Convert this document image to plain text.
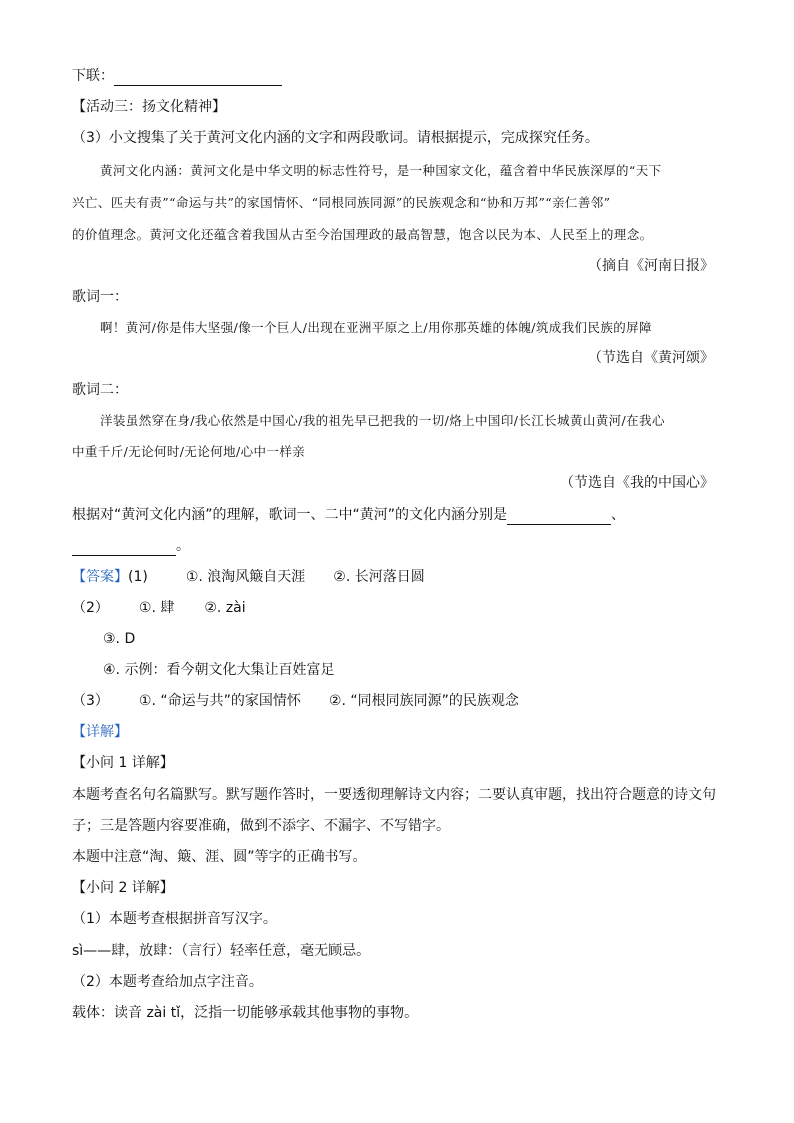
下联：
【活动三：扬文化精神】
（3）小文搜集了关于黄河文化内涵的文字和两段歌词。请根据提示，完成探究任务。
黄河文化内涵：黄河文化是中华文明的标志性符号，是一种国家文化，蕴含着中华民族深厚的“天下
兴亡、匹夫有责”“命运与共”的家国情怀、“同根同族同源”的民族观念和“协和万邦”“亲仁善邻”
的价值理念。黄河文化还蕴含着我国从古至今治国理政的最高智慧，饱含以民为本、人民至上的理念。
（摘自《河南日报》
歌词一：
啊！黄河/你是伟大坚强/像一个巨人/出现在亚洲平原之上/用你那英雄的体魄/筑成我们民族的屏障
（节选自《黄河颂》
歌词二：
洋装虽然穿在身/我心依然是中国心/我的祖先早已把我的一切/烙上中国印/长江长城黄山黄河/在我心
中重千斤/无论何时/无论何地/心中一样亲
（节选自《我的中国心》
根据对“黄河文化内涵”的理解，歌词一、二中“黄河”的文化内涵分别是	、
。
【答案】(1)	①. 浪淘风簸自天涯 ②. 长河落日圆
（2） ①. 肆 ②. zài
③. D
④. 示例：看今朝文化大集让百姓富足
（3） ①. “命运与共”的家国情怀 ②. “同根同族同源”的民族观念
【详解】
【小问 1 详解】
本题考查名句名篇默写。默写题作答时，一要透彻理解诗文内容；二要认真审题，找出符合题意的诗文句
子；三是答题内容要准确，做到不添字、不漏字、不写错字。
本题中注意“淘、簸、涯、圆”等字的正确书写。
【小问 2 详解】
（1）本题考查根据拼音写汉字。
sì——肆，放肆：（言行）轻率任意，毫无顾忌。
（2）本题考查给加点字注音。
载体：读音 zài tǐ，泛指一切能够承载其他事物的事物。
